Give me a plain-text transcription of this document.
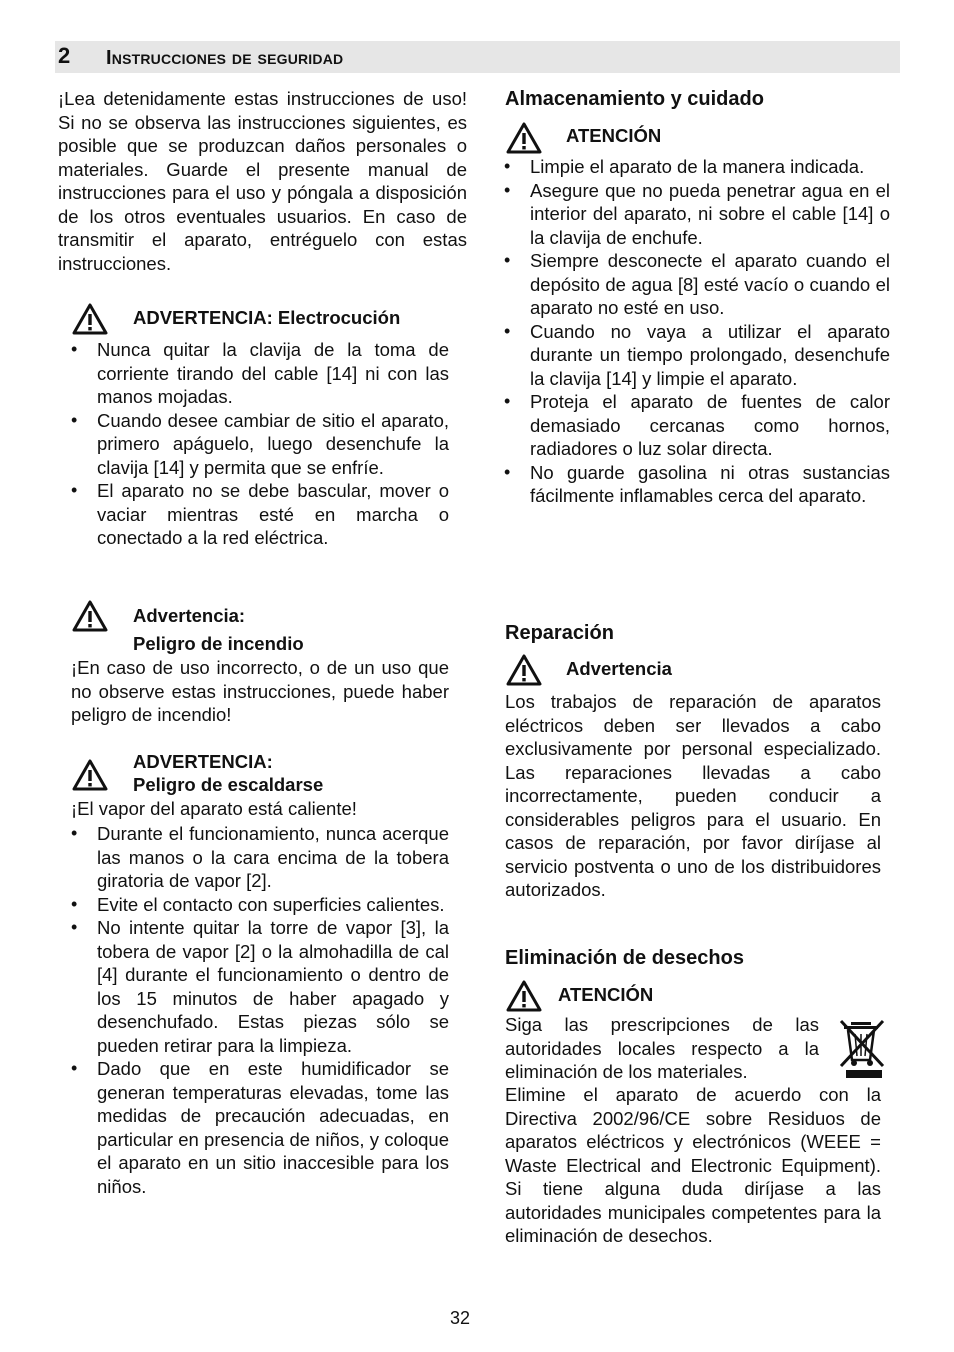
2 Instrucciones de seguridad

¡Lea detenidamente estas instrucciones de uso! Si no se observa las instrucciones siguientes, es posible que se produzcan daños personales o materiales. Guarde el presente manual de instrucciones para el uso y póngala a disposición de los otros eventuales usuarios. En caso de transmitir el aparato, entréguelo con estas instrucciones.

ADVERTENCIA: Electrocución
• Nunca quitar la clavija de la toma de corriente tirando del cable [14] ni con las manos mojadas.
• Cuando desee cambiar de sitio el aparato, primero apáguelo, luego desenchufe la clavija [14] y permita que se enfríe.
• El aparato no se debe bascular, mover o vaciar mientras esté en marcha o conectado a la red eléctrica.
Advertencia:
Peligro de incendio

¡En caso de uso incorrecto, o de un uso que no observe estas instrucciones, puede haber peligro de incendio!

ADVERTENCIA:
Peligro de escaldarse

¡El vapor del aparato está caliente!

• Durante el funcionamiento, nunca acerque las manos o la cara encima de la tobera giratoria de vapor [2].
• Evite el contacto con superficies calientes.
• No intente quitar la torre de vapor [3], la tobera de vapor [2] o la almohadilla de cal [4] durante el funcionamiento o dentro de los 15 minutos de haber apagado y desenchufado. Estas piezas sólo se pueden retirar para la limpieza.
• Dado que en este humidificador se generan temperaturas elevadas, tome las medidas de precaución adecuadas, en particular en presencia de niños, y coloque el aparato en un sitio inaccesible para los niños.
Almacenamiento y cuidado
ATENCIÓN
• Limpie el aparato de la manera indicada.
• Asegure que no pueda penetrar agua en el interior del aparato, ni sobre el cable [14] o la clavija de enchufe.
• Siempre desconecte el aparato cuando el depósito de agua [8] esté vacío o cuando el aparato no esté en uso.
• Cuando no vaya a utilizar el aparato durante un tiempo prolongado, desenchufe la clavija [14] y limpie el aparato.
• Proteja el aparato de fuentes de calor demasiado cercanas como hornos, radiadores o luz solar directa.
• No guarde gasolina ni otras sustancias fácilmente inflamables cerca del aparato.
Reparación
Advertencia

Los trabajos de reparación de aparatos eléctricos deben ser llevados a cabo exclusivamente por personal especializado. Las reparaciones llevadas a cabo incorrectamente, pueden conducir a considerables peligros para el usuario. En casos de reparación, por favor diríjase al servicio postventa o uno de los distribuidores autorizados.

Eliminación de desechos
ATENCIÓN

Siga las prescripciones de las autoridades locales respecto a la eliminación de los materiales.

Elimine el aparato de acuerdo con la Directiva 2002/96/CE sobre Residuos de aparatos eléctricos y electrónicos (WEEE = Waste Electrical and Electronic Equipment). Si tiene alguna duda diríjase a las autoridades municipales competentes para la eliminación de desechos.

32
